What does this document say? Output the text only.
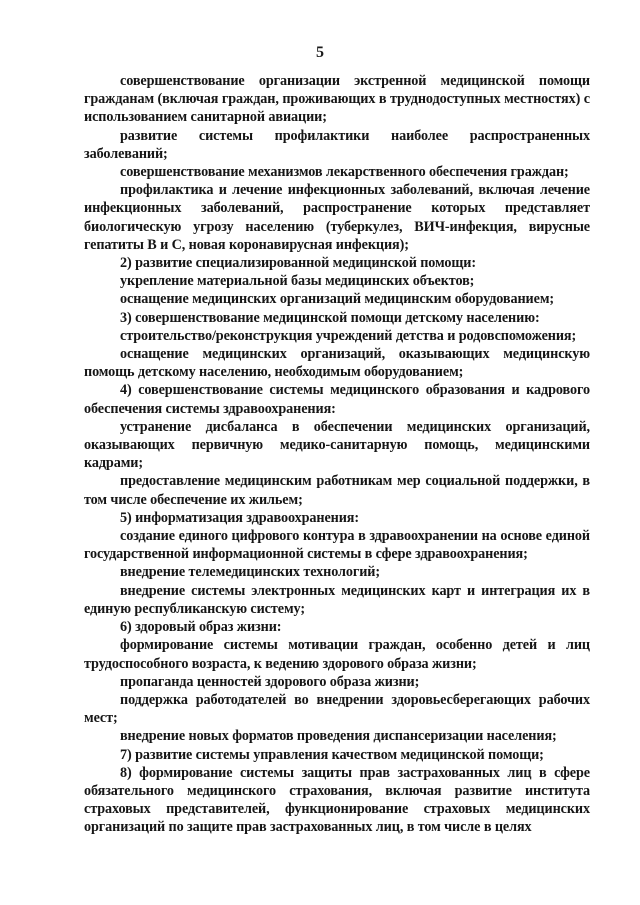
5

совершенствование организации экстренной медицинской помощи гражданам (включая граждан, проживающих в труднодоступных местностях) с использованием санитарной авиации;

развитие системы профилактики наиболее распространенных заболеваний;

совершенствование механизмов лекарственного обеспечения граждан;

профилактика и лечение инфекционных заболеваний, включая лечение инфекционных заболеваний, распространение которых представляет биологическую угрозу населению (туберкулез, ВИЧ-инфекция, вирусные гепатиты В и С, новая коронавирусная инфекция);

2) развитие специализированной медицинской помощи:

укрепление материальной базы медицинских объектов;

оснащение медицинских организаций медицинским оборудованием;

3) совершенствование медицинской помощи детскому населению:

строительство/реконструкция учреждений детства и родовспоможения;

оснащение медицинских организаций, оказывающих медицинскую помощь детскому населению, необходимым оборудованием;

4) совершенствование системы медицинского образования и кадрового обеспечения системы здравоохранения:

устранение дисбаланса в обеспечении медицинских организаций, оказывающих первичную медико-санитарную помощь, медицинскими кадрами;

предоставление медицинским работникам мер социальной поддержки, в том числе обеспечение их жильем;

5) информатизация здравоохранения:

создание единого цифрового контура в здравоохранении на основе единой государственной информационной системы в сфере здравоохранения;

внедрение телемедицинских технологий;

внедрение системы электронных медицинских карт и интеграция их в единую республиканскую систему;

6) здоровый образ жизни:

формирование системы мотивации граждан, особенно детей и лиц трудоспособного возраста, к ведению здорового образа жизни;

пропаганда ценностей здорового образа жизни;

поддержка работодателей во внедрении здоровьесберегающих рабочих мест;

внедрение новых форматов проведения диспансеризации населения;

7) развитие системы управления качеством медицинской помощи;

8) формирование системы защиты прав застрахованных лиц в сфере обязательного медицинского страхования, включая развитие института страховых представителей, функционирование страховых медицинских организаций по защите прав застрахованных лиц, в том числе в целях
